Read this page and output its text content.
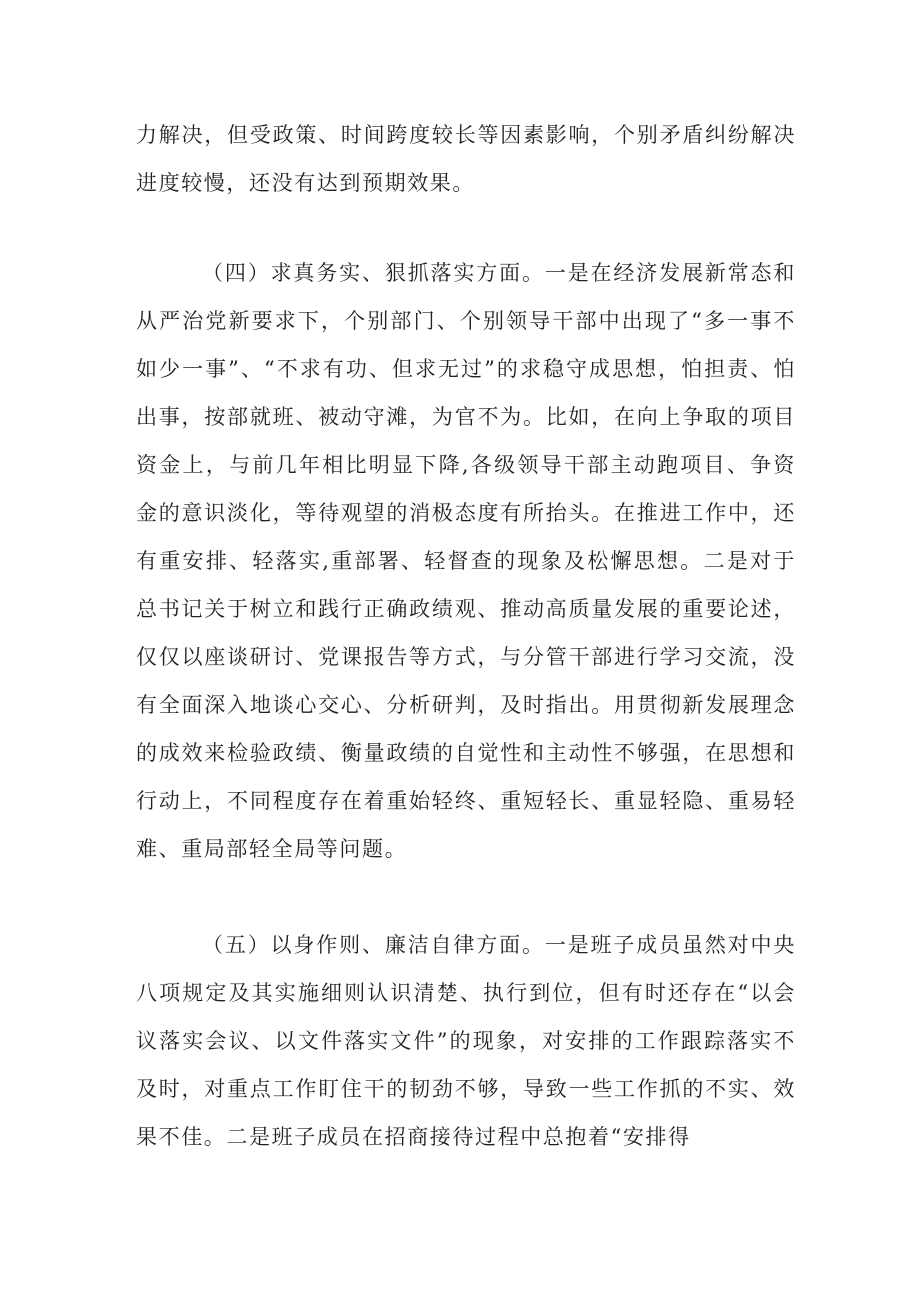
力解决，但受政策、时间跨度较长等因素影响，个别矛盾纠纷解决进度较慢，还没有达到预期效果。

（四）求真务实、狠抓落实方面。一是在经济发展新常态和从严治党新要求下，个别部门、个别领导干部中出现了“多一事不如少一事”、“不求有功、但求无过”的求稳守成思想，怕担责、怕出事，按部就班、被动守滩，为官不为。比如，在向上争取的项目资金上，与前几年相比明显下降,各级领导干部主动跑项目、争资金的意识淡化，等待观望的消极态度有所抬头。在推进工作中，还有重安排、轻落实,重部署、轻督查的现象及松懈思想。二是对于总书记关于树立和践行正确政绩观、推动高质量发展的重要论述，仅仅以座谈研讨、党课报告等方式，与分管干部进行学习交流，没有全面深入地谈心交心、分析研判，及时指出。用贯彻新发展理念的成效来检验政绩、衡量政绩的自觉性和主动性不够强，在思想和行动上，不同程度存在着重始轻终、重短轻长、重显轻隐、重易轻难、重局部轻全局等问题。

（五）以身作则、廉洁自律方面。一是班子成员虽然对中央八项规定及其实施细则认识清楚、执行到位，但有时还存在“以会议落实会议、以文件落实文件”的现象，对安排的工作跟踪落实不及时，对重点工作盯住干的韧劲不够，导致一些工作抓的不实、效果不佳。二是班子成员在招商接待过程中总抱着“安排得
